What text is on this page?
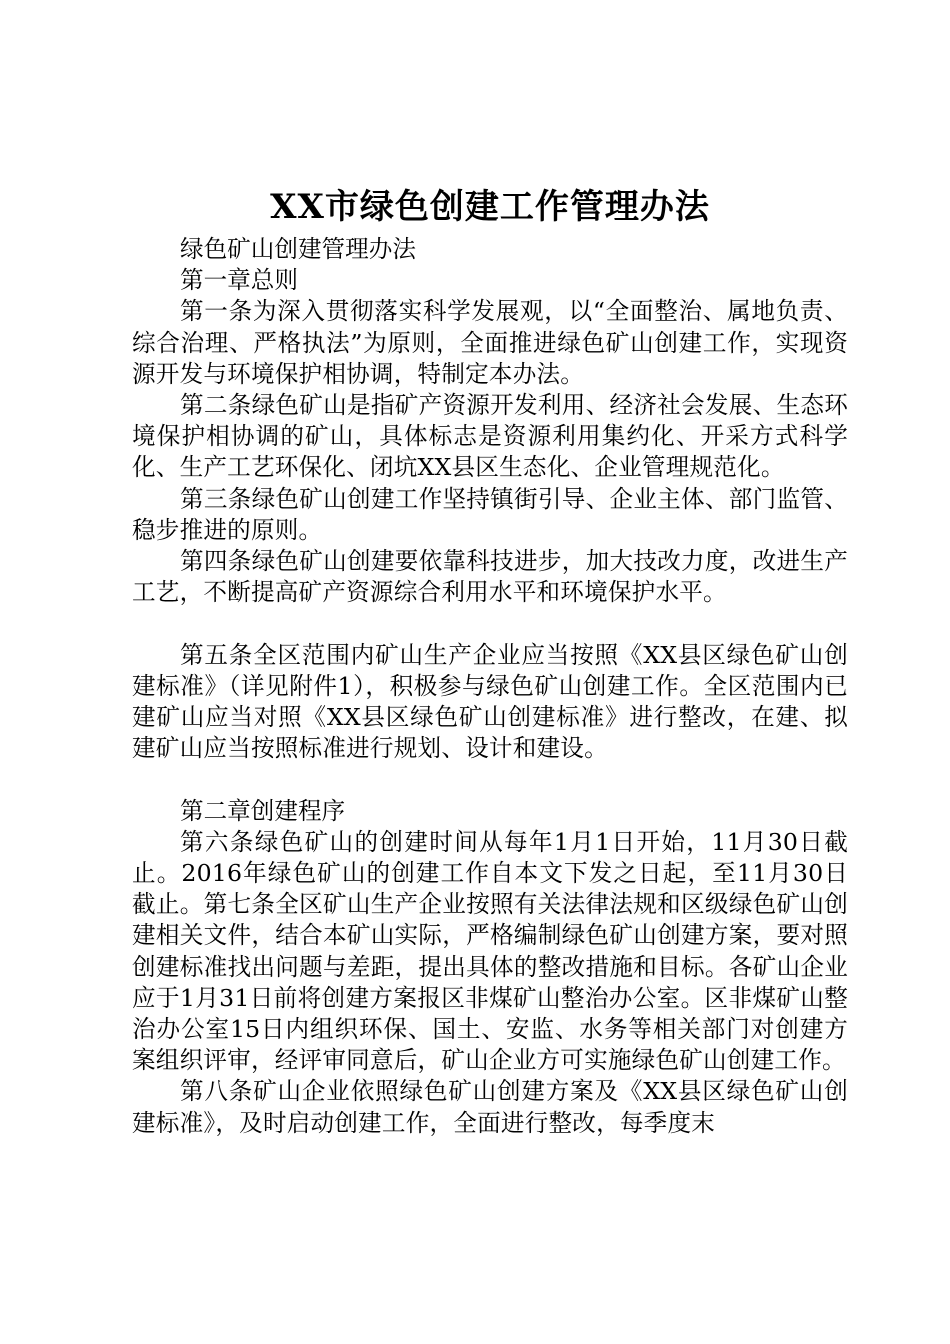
XX市绿色创建工作管理办法

绿色矿山创建管理办法

第一章总则

第一条为深入贯彻落实科学发展观，以“全面整治、属地负责、综合治理、严格执法”为原则，全面推进绿色矿山创建工作，实现资源开发与环境保护相协调，特制定本办法。

第二条绿色矿山是指矿产资源开发利用、经济社会发展、生态环境保护相协调的矿山，具体标志是资源利用集约化、开采方式科学化、生产工艺环保化、闭坑XX县区生态化、企业管理规范化。

第三条绿色矿山创建工作坚持镇街引导、企业主体、部门监管、稳步推进的原则。

第四条绿色矿山创建要依靠科技进步，加大技改力度，改进生产工艺，不断提高矿产资源综合利用水平和环境保护水平。

第五条全区范围内矿山生产企业应当按照《XX县区绿色矿山创建标准》（详见附件1），积极参与绿色矿山创建工作。全区范围内已建矿山应当对照《XX县区绿色矿山创建标准》进行整改，在建、拟建矿山应当按照标准进行规划、设计和建设。

第二章创建程序

第六条绿色矿山的创建时间从每年1月1日开始，11月30日截止。2016年绿色矿山的创建工作自本文下发之日起，至11月30日截止。第七条全区矿山生产企业按照有关法律法规和区级绿色矿山创建相关文件，结合本矿山实际，严格编制绿色矿山创建方案，要对照创建标准找出问题与差距，提出具体的整改措施和目标。各矿山企业应于1月31日前将创建方案报区非煤矿山整治办公室。区非煤矿山整治办公室15日内组织环保、国土、安监、水务等相关部门对创建方案组织评审，经评审同意后，矿山企业方可实施绿色矿山创建工作。

第八条矿山企业依照绿色矿山创建方案及《XX县区绿色矿山创建标准》，及时启动创建工作，全面进行整改，每季度末
